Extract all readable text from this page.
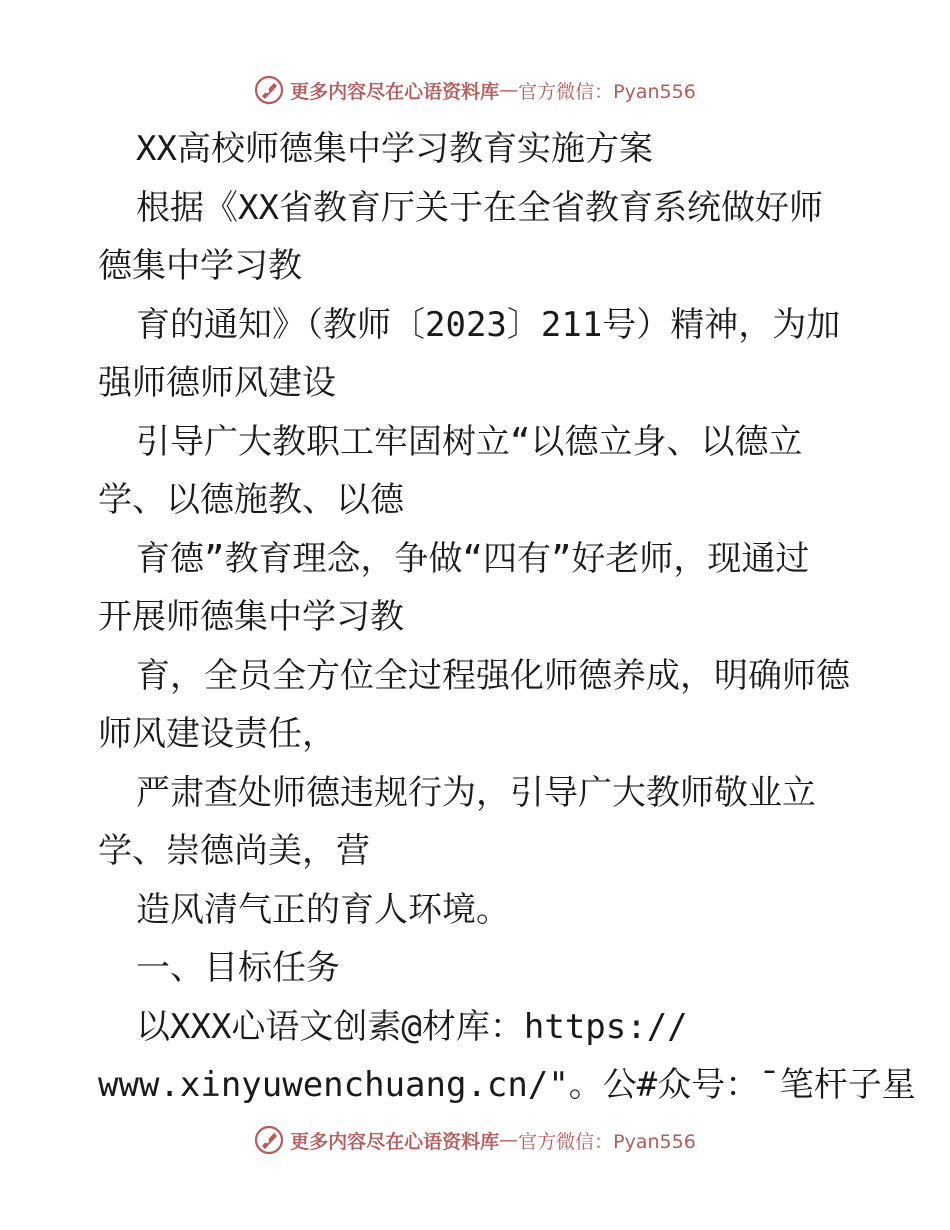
更多内容尽在心语资料库 — 官方微信：Pyan556
XX高校师德集中学习教育实施方案
根据《XX省教育厅关于在全省教育系统做好师
德集中学习教
育的通知》（教师〔2023〕211号）精神，为加
强师德师风建设
引导广大教职工牢固树立“以德立身、以德立
学、以德施教、以德
育德”教育理念，争做“四有”好老师，现通过
开展师德集中学习教
育，全员全方位全过程强化师德养成，明确师德
师风建设责任，
严肃查处师德违规行为，引导广大教师敬业立
学、崇德尚美，营
造风清气正的育人环境。
一、目标任务
以XXX心语文创素@材库：https://
www.xinyuwenchuang.cn/"。公#众号：¯笔杆子星
更多内容尽在心语资料库 — 官方微信：Pyan556
